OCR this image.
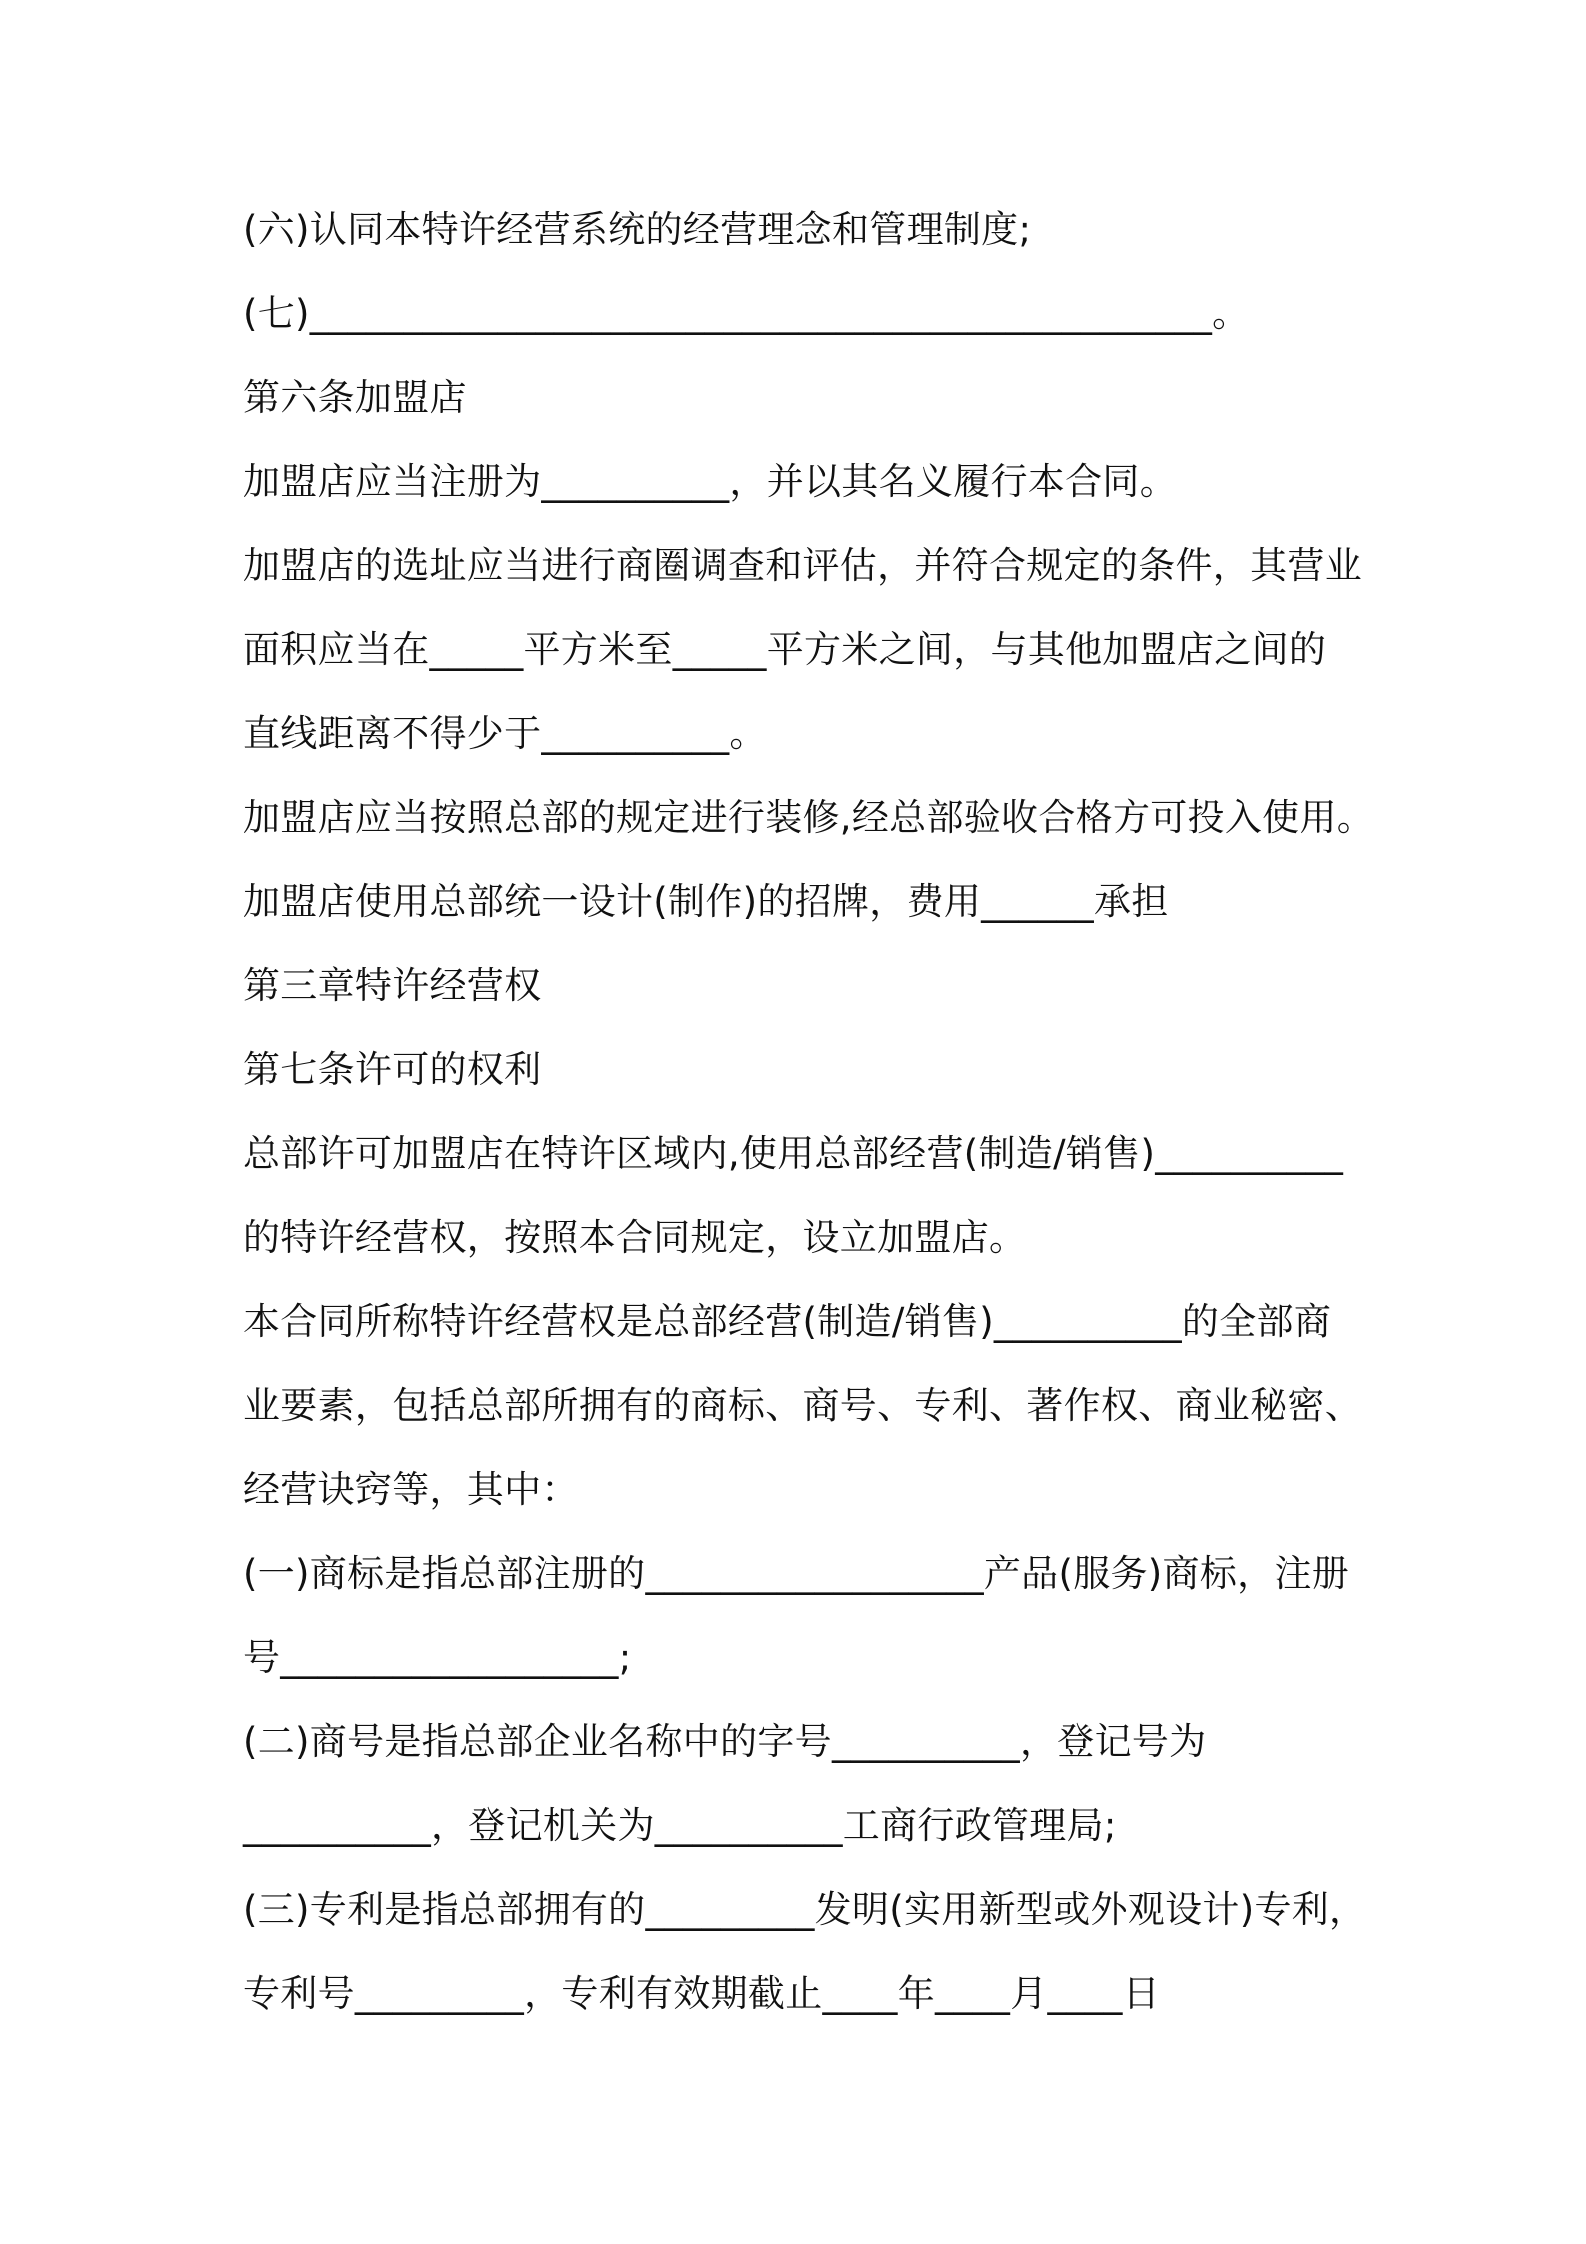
(六)认同本特许经营系统的经营理念和管理制度;
(七)________________________________________________。
第六条加盟店
加盟店应当注册为__________，并以其名义履行本合同。
加盟店的选址应当进行商圈调查和评估，并符合规定的条件，其营业
面积应当在_____平方米至_____平方米之间，与其他加盟店之间的
直线距离不得少于__________。
加盟店应当按照总部的规定进行装修,经总部验收合格方可投入使用。
加盟店使用总部统一设计(制作)的招牌，费用______承担
第三章特许经营权
第七条许可的权利
总部许可加盟店在特许区域内,使用总部经营(制造/销售)__________
的特许经营权，按照本合同规定，设立加盟店。
本合同所称特许经营权是总部经营(制造/销售)__________的全部商
业要素，包括总部所拥有的商标、商号、专利、著作权、商业秘密、
经营诀窍等，其中：
(一)商标是指总部注册的__________________产品(服务)商标，注册
号__________________;
(二)商号是指总部企业名称中的字号__________，登记号为
__________，登记机关为__________工商行政管理局;
(三)专利是指总部拥有的_________发明(实用新型或外观设计)专利，
专利号_________，专利有效期截止____年____月____日
